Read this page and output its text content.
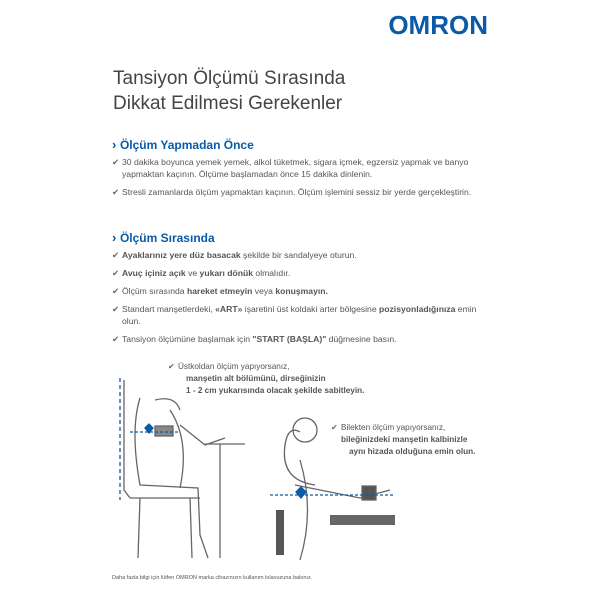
OMRON
Tansiyon Ölçümü Sırasında
Dikkat Edilmesi Gerekenler
› Ölçüm Yapmadan Önce
✔ 30 dakika boyunca yemek yemek, alkol tüketmek, sigara içmek, egzersiz yapmak ve banyo yapmaktan kaçının. Ölçüme başlamadan önce 15 dakika dinlenin.
✔ Stresli zamanlarda ölçüm yapmaktan kaçının. Ölçüm işlemini sessiz bir yerde gerçekleştirin.
› Ölçüm Sırasında
✔ Ayaklarınız yere düz basacak şekilde bir sandalyeye oturun.
✔ Avuç içiniz açık ve yukarı dönük olmalıdır.
✔ Ölçüm sırasında hareket etmeyin veya konuşmayın.
✔ Standart manşetlerdeki, «ART» işaretini üst koldaki arter bölgesine pozisyonladığınıza emin olun.
✔ Tansiyon ölçümüne başlamak için "START (BAŞLA)" düğmesine basın.
✔ Üstkoldan ölçüm yapıyorsanız,
manşetin alt bölümünü, dirseğinizin
1 - 2 cm yukarısında olacak şekilde sabitleyin.
✔ Bilekten ölçüm yapıyorsanız,
bileğinizdeki manşetin kalbinizle
aynı hizada olduğuna emin olun.
Daha fazla bilgi için lütfen OMRON marka cihazınızın kullanım kılavuzuna bakınız.
